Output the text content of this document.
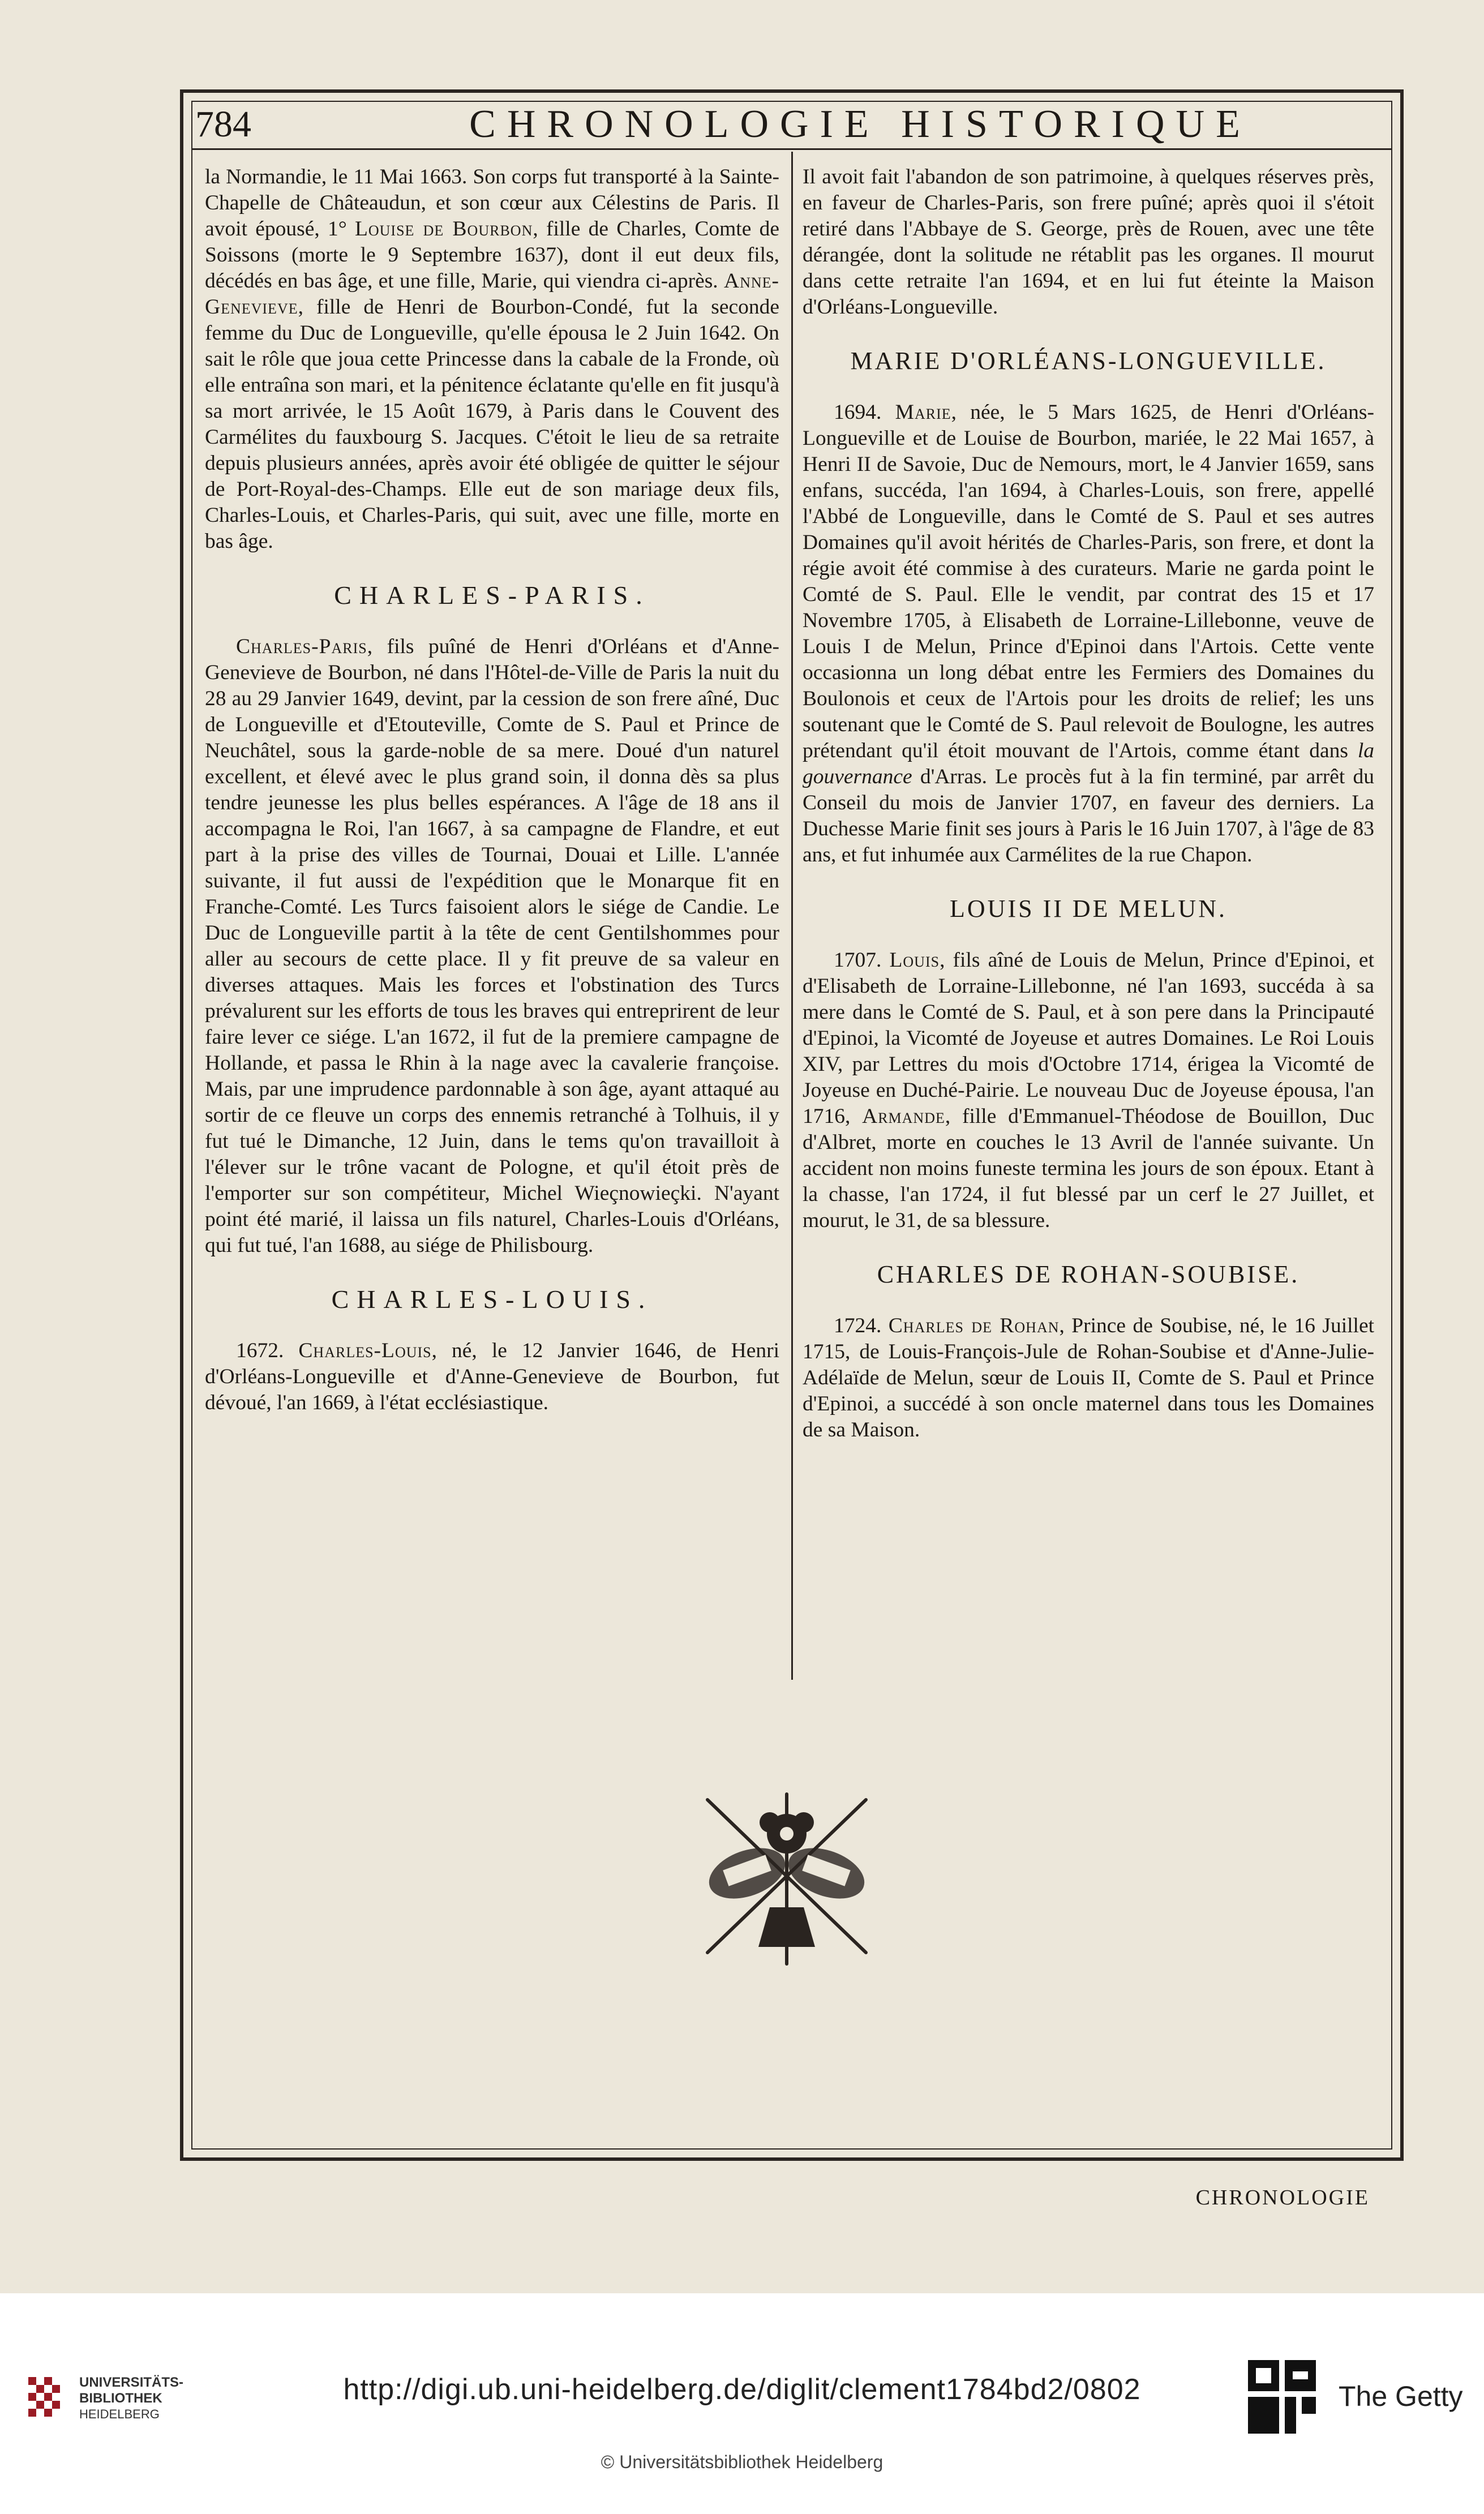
784	CHRONOLOGIE HISTORIQUE

la Normandie, le 11 Mai 1663. Son corps fut transporté à la Sainte-Chapelle de Châteaudun, et son cœur aux Célestins de Paris. Il avoit épousé, 1° Louise de Bourbon, fille de Charles, Comte de Soissons (morte le 9 Septembre 1637), dont il eut deux fils, décédés en bas âge, et une fille, Marie, qui viendra ci-après. Anne-Genevieve, fille de Henri de Bourbon-Condé, fut la seconde femme du Duc de Longueville, qu'elle épousa le 2 Juin 1642. On sait le rôle que joua cette Princesse dans la cabale de la Fronde, où elle entraîna son mari, et la pénitence éclatante qu'elle en fit jusqu'à sa mort arrivée, le 15 Août 1679, à Paris dans le Couvent des Carmélites du fauxbourg S. Jacques. C'étoit le lieu de sa retraite depuis plusieurs années, après avoir été obligée de quitter le séjour de Port-Royal-des-Champs. Elle eut de son mariage deux fils, Charles-Louis, et Charles-Paris, qui suit, avec une fille, morte en bas âge.

CHARLES-PARIS.

Charles-Paris, fils puîné de Henri d'Orléans et d'Anne-Genevieve de Bourbon, né dans l'Hôtel-de-Ville de Paris la nuit du 28 au 29 Janvier 1649, devint, par la cession de son frere aîné, Duc de Longueville et d'Etouteville, Comte de S. Paul et Prince de Neuchâtel, sous la garde-noble de sa mere. Doué d'un naturel excellent, et élevé avec le plus grand soin, il donna dès sa plus tendre jeunesse les plus belles espérances. A l'âge de 18 ans il accompagna le Roi, l'an 1667, à sa campagne de Flandre, et eut part à la prise des villes de Tournai, Douai et Lille. L'année suivante, il fut aussi de l'expédition que le Monarque fit en Franche-Comté. Les Turcs faisoient alors le siége de Candie. Le Duc de Longueville partit à la tête de cent Gentilshommes pour aller au secours de cette place. Il y fit preuve de sa valeur en diverses attaques. Mais les forces et l'obstination des Turcs prévalurent sur les efforts de tous les braves qui entreprirent de leur faire lever ce siége. L'an 1672, il fut de la premiere campagne de Hollande, et passa le Rhin à la nage avec la cavalerie françoise. Mais, par une imprudence pardonnable à son âge, ayant attaqué au sortir de ce fleuve un corps des ennemis retranché à Tolhuis, il y fut tué le Dimanche, 12 Juin, dans le tems qu'on travailloit à l'élever sur le trône vacant de Pologne, et qu'il étoit près de l'emporter sur son compétiteur, Michel Wieçnowieçki. N'ayant point été marié, il laissa un fils naturel, Charles-Louis d'Orléans, qui fut tué, l'an 1688, au siége de Philisbourg.

CHARLES-LOUIS.

1672. Charles-Louis, né, le 12 Janvier 1646, de Henri d'Orléans-Longueville et d'Anne-Genevieve de Bourbon, fut dévoué, l'an 1669, à l'état ecclésiastique.

Il avoit fait l'abandon de son patrimoine, à quelques réserves près, en faveur de Charles-Paris, son frere puîné; après quoi il s'étoit retiré dans l'Abbaye de S. George, près de Rouen, avec une tête dérangée, dont la solitude ne rétablit pas les organes. Il mourut dans cette retraite l'an 1694, et en lui fut éteinte la Maison d'Orléans-Longueville.

MARIE D'ORLÉANS-LONGUEVILLE.

1694. Marie, née, le 5 Mars 1625, de Henri d'Orléans-Longueville et de Louise de Bourbon, mariée, le 22 Mai 1657, à Henri II de Savoie, Duc de Nemours, mort, le 4 Janvier 1659, sans enfans, succéda, l'an 1694, à Charles-Louis, son frere, appellé l'Abbé de Longueville, dans le Comté de S. Paul et ses autres Domaines qu'il avoit hérités de Charles-Paris, son frere, et dont la régie avoit été commise à des curateurs. Marie ne garda point le Comté de S. Paul. Elle le vendit, par contrat des 15 et 17 Novembre 1705, à Elisabeth de Lorraine-Lillebonne, veuve de Louis I de Melun, Prince d'Epinoi dans l'Artois. Cette vente occasionna un long débat entre les Fermiers des Domaines du Boulonois et ceux de l'Artois pour les droits de relief; les uns soutenant que le Comté de S. Paul relevoit de Boulogne, les autres prétendant qu'il étoit mouvant de l'Artois, comme étant dans la gouvernance d'Arras. Le procès fut à la fin terminé, par arrêt du Conseil du mois de Janvier 1707, en faveur des derniers. La Duchesse Marie finit ses jours à Paris le 16 Juin 1707, à l'âge de 83 ans, et fut inhumée aux Carmélites de la rue Chapon.

LOUIS II DE MELUN.

1707. Louis, fils aîné de Louis de Melun, Prince d'Epinoi, et d'Elisabeth de Lorraine-Lillebonne, né l'an 1693, succéda à sa mere dans le Comté de S. Paul, et à son pere dans la Principauté d'Epinoi, la Vicomté de Joyeuse et autres Domaines. Le Roi Louis XIV, par Lettres du mois d'Octobre 1714, érigea la Vicomté de Joyeuse en Duché-Pairie. Le nouveau Duc de Joyeuse épousa, l'an 1716, Armande, fille d'Emmanuel-Théodose de Bouillon, Duc d'Albret, morte en couches le 13 Avril de l'année suivante. Un accident non moins funeste termina les jours de son époux. Etant à la chasse, l'an 1724, il fut blessé par un cerf le 27 Juillet, et mourut, le 31, de sa blessure.

CHARLES DE ROHAN-SOUBISE.

1724. Charles de Rohan, Prince de Soubise, né, le 16 Juillet 1715, de Louis-François-Jule de Rohan-Soubise et d'Anne-Julie-Adélaïde de Melun, sœur de Louis II, Comte de S. Paul et Prince d'Epinoi, a succédé à son oncle maternel dans tous les Domaines de sa Maison.

CHRONOLOGIE
UNIVERSITÄTS-
BIBLIOTHEK
HEIDELBERG
http://digi.ub.uni-heidelberg.de/diglit/clement1784bd2/0802
© Universitätsbibliothek Heidelberg
The Getty
